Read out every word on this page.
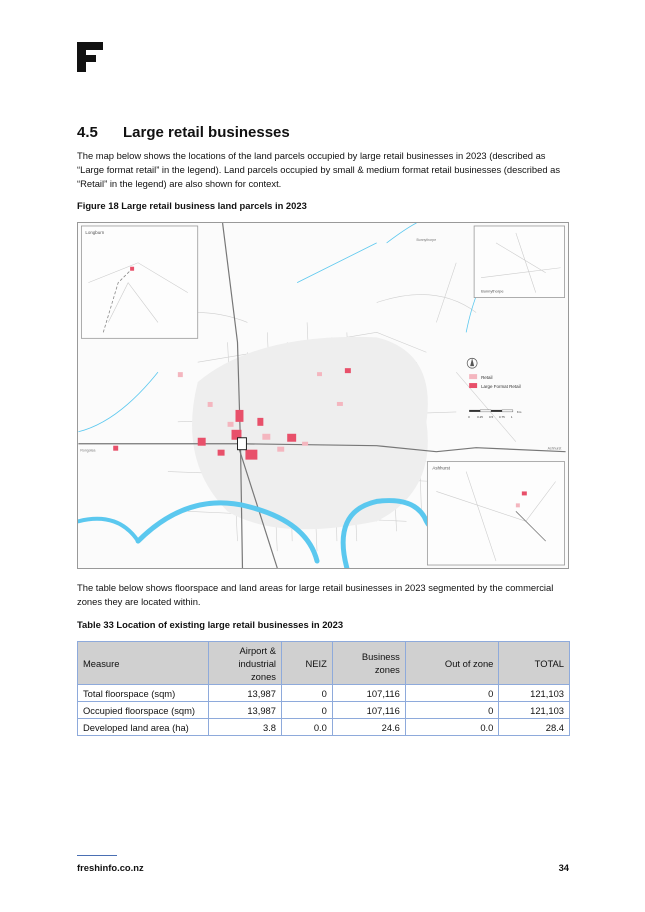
4.5 Large retail businesses
The map below shows the locations of the land parcels occupied by large retail businesses in 2023 (described as “Large format retail” in the legend). Land parcels occupied by small & medium format retail businesses (described as “Retail” in the legend) are also shown for context.
Figure 18 Large retail business land parcels in 2023
Longburn
Bunnythorpe
Ashhurst
Bunnythorpe
Ashhurst
Rongotea
Retail
Large Format Retail
0 0.25 0.5 0.75 1
Km
The table below shows floorspace and land areas for large retail businesses in 2023 segmented by the commercial zones they are located within.
Table 33 Location of existing large retail businesses in 2023
Measure	Airport & industrial zones	NEIZ	Business zones	Out of zone	TOTAL
Total floorspace (sqm)	13,987	0	107,116	0	121,103
Occupied floorspace (sqm)	13,987	0	107,116	0	121,103
Developed land area (ha)	3.8	0.0	24.6	0.0	28.4
freshinfo.co.nz	34
